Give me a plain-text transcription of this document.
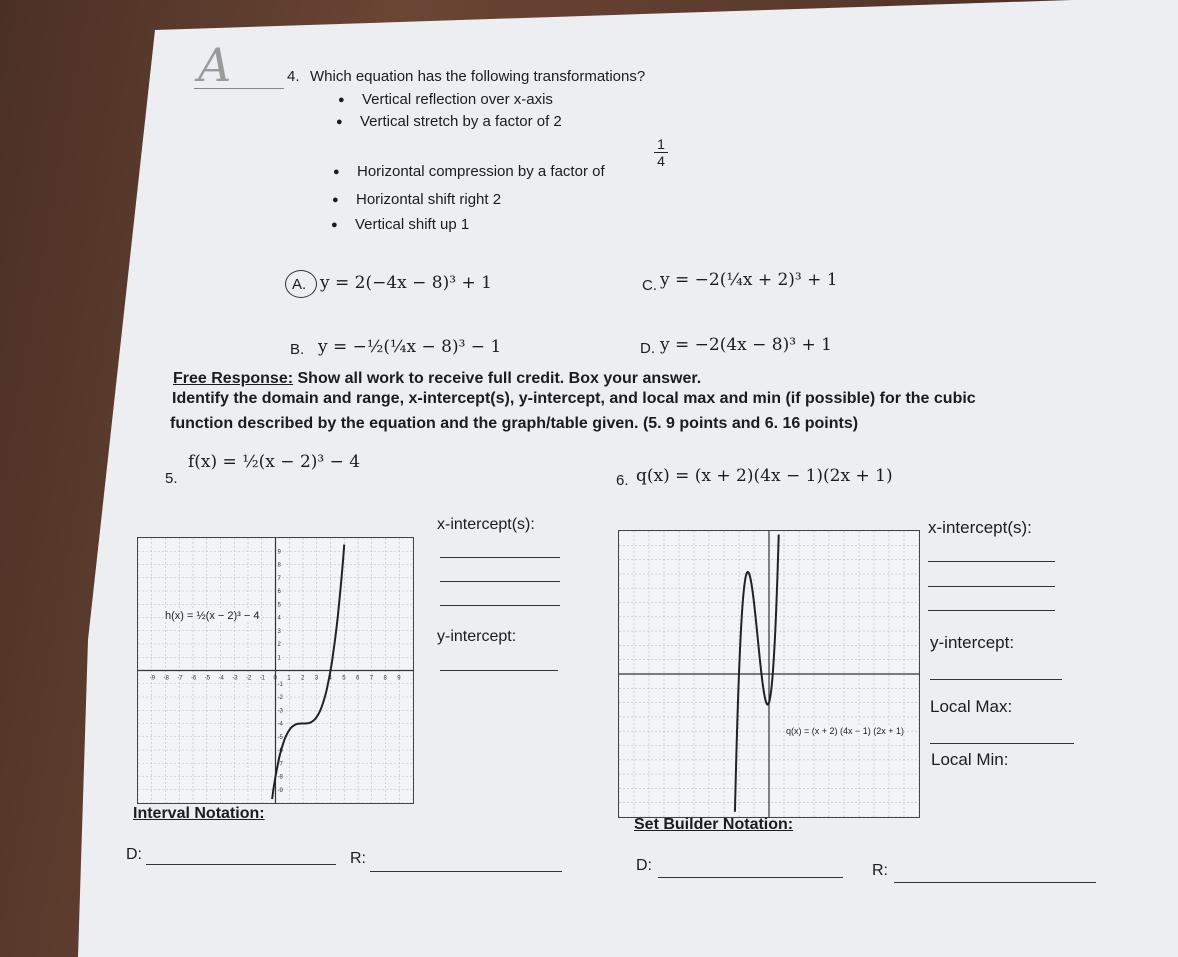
A	4. Which equation has the following transformations?
● Vertical reflection over x-axis
● Vertical stretch by a factor of 2
● Horizontal compression by a factor of
$\frac{1}{4}$
● Horizontal shift right 2
● Vertical shift up 1
A. y = 2(−4x − 8)³ + 1	C. y = −2(¼x + 2)³ + 1
B. y = −½(¼x − 8)³ − 1	D. y = −2(4x − 8)³ + 1
Free Response: Show all work to receive full credit. Box your answer.
Identify the domain and range, x-intercept(s), y-intercept, and local max and min (if possible) for the cubic
function described by the equation and the graph/table given. (5. 9 points and 6. 16 points)
5.
f(x) = ½(x − 2)³ − 4
x-intercept(s):
y-intercept:
-9 -8 -7 -6 -5 -4 -3 -2 -1 0 1 2 3 4 5 6 7 8 9
9
8
7
6
5
4
3
2
1
-1
-2
-3
-4
-5
-6
-7
-8
-9
h(x) = ½(x − 2)³ − 4
Interval Notation:
D:	R:
6. q(x) = (x + 2)(4x − 1)(2x + 1)
q(x) = (x + 2) (4x − 1) (2x + 1)
x-intercept(s):
y-intercept:
Local Max:
Local Min:
Set Builder Notation:
D:	R:
